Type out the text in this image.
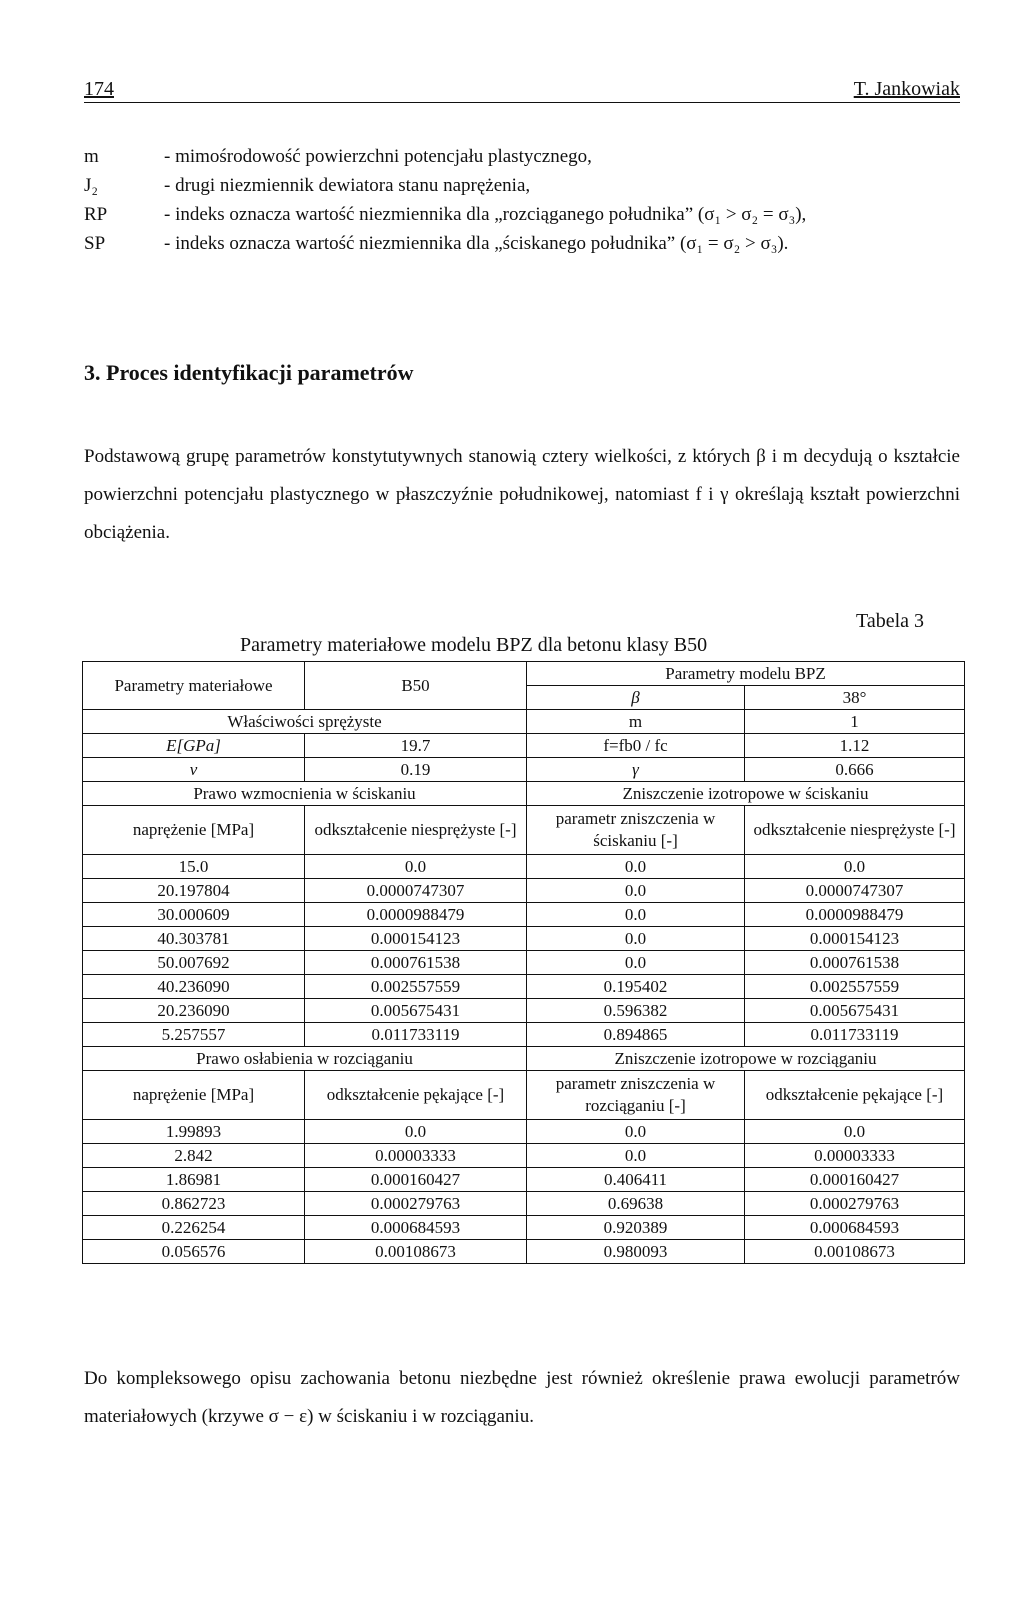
174	T. Jankowiak
m	- mimośrodowość powierzchni potencjału plastycznego,
J₂	- drugi niezmiennik dewiatora stanu naprężenia,
RP	- indeks oznacza wartość niezmiennika dla „rozciąganego południka” (σ₁ > σ₂ = σ₃),
SP	- indeks oznacza wartość niezmiennika dla „ściskanego południka” (σ₁ = σ₂ > σ₃).
3. Proces identyfikacji parametrów
Podstawową grupę parametrów konstytutywnych stanowią cztery wielkości, z których β i m decydują o kształcie powierzchni potencjału plastycznego w płaszczyźnie południkowej, natomiast f i γ określają kształt powierzchni obciążenia.
Tabela 3
Parametry materiałowe modelu BPZ dla betonu klasy B50
Parametry materiałowe	B50	Parametry modelu BPZ	
		β	38°
Właściwości sprężyste		m	1
E[GPa]	19.7	f=fb0 / fc	1.12
ν	0.19	γ	0.666
Prawo wzmocnienia w ściskaniu		Zniszczenie izotropowe w ściskaniu	
naprężenie [MPa]	odkształcenie niesprężyste [-]	parametr zniszczenia w ściskaniu [-]	odkształcenie niesprężyste [-]
15.0	0.0	0.0	0.0
20.197804	0.0000747307	0.0	0.0000747307
30.000609	0.0000988479	0.0	0.0000988479
40.303781	0.000154123	0.0	0.000154123
50.007692	0.000761538	0.0	0.000761538
40.236090	0.002557559	0.195402	0.002557559
20.236090	0.005675431	0.596382	0.005675431
5.257557	0.011733119	0.894865	0.011733119
Prawo osłabienia w rozciąganiu		Zniszczenie izotropowe w rozciąganiu	
naprężenie [MPa]	odkształcenie pękające [-]	parametr zniszczenia w rozciąganiu [-]	odkształcenie pękające [-]
1.99893	0.0	0.0	0.0
2.842	0.00003333	0.0	0.00003333
1.86981	0.000160427	0.406411	0.000160427
0.862723	0.000279763	0.69638	0.000279763
0.226254	0.000684593	0.920389	0.000684593
0.056576	0.00108673	0.980093	0.00108673
Do kompleksowego opisu zachowania betonu niezbędne jest również określenie prawa ewolucji parametrów materiałowych (krzywe σ − ε) w ściskaniu i w rozciąganiu.
